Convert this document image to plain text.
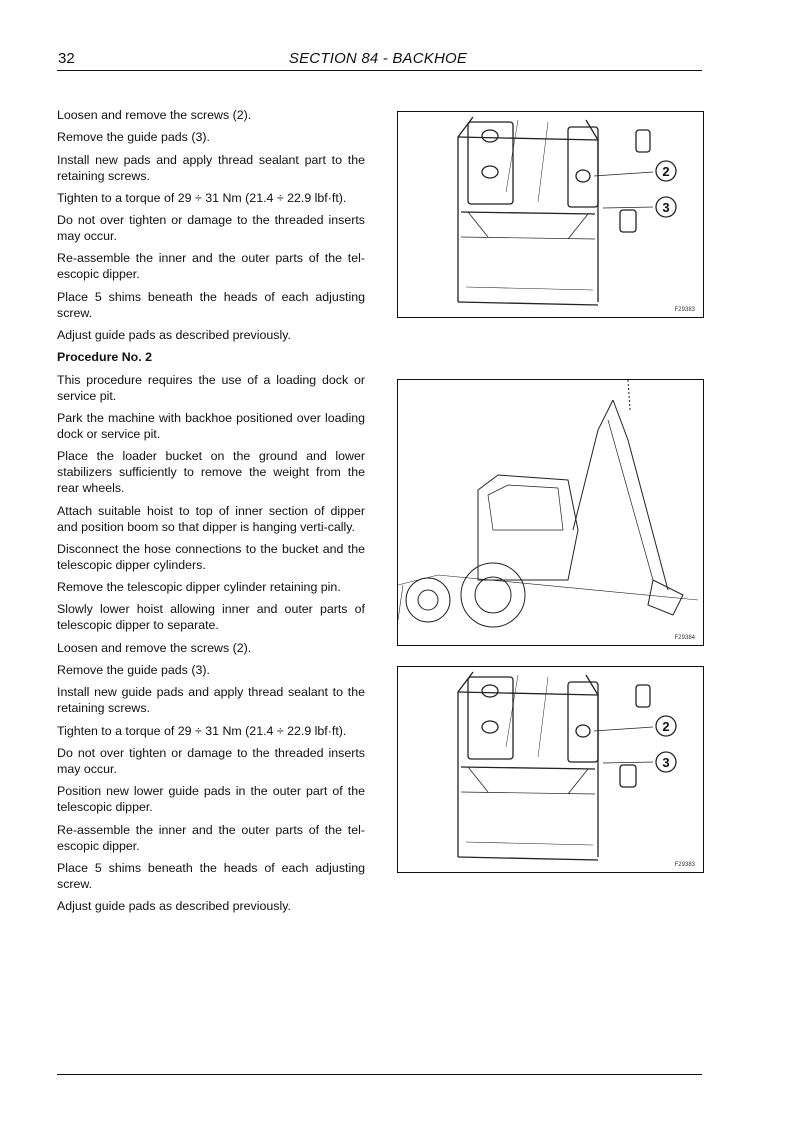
32	SECTION 84 - BACKHOE

Loosen and remove the screws (2).

Remove the guide pads (3).

Install new pads and apply thread sealant part to the retaining screws.

Tighten to a torque of 29 ÷ 31 Nm (21.4 ÷ 22.9 lbf·ft).

Do not over tighten or damage to the threaded inserts may occur.

Re-assemble the inner and the outer parts of the tel-escopic dipper.

Place 5 shims beneath the heads of each adjusting screw.

Adjust guide pads as described previously.

Procedure No. 2

This procedure requires the use of a loading dock or service pit.

Park the machine with backhoe positioned over loading dock or service pit.

Place the loader bucket on the ground and lower stabilizers sufficiently to remove the weight from the rear wheels.

Attach suitable hoist to top of inner section of dipper and position boom so that dipper is hanging verti-cally.

Disconnect the hose connections to the bucket and the telescopic dipper cylinders.

Remove the telescopic dipper cylinder retaining pin.

Slowly lower hoist allowing inner and outer parts of telescopic dipper to separate.

Loosen and remove the screws (2).

Remove the guide pads (3).

Install new guide pads and apply thread sealant to the retaining screws.

Tighten to a torque of 29 ÷ 31 Nm (21.4 ÷ 22.9 lbf·ft).

Do not over tighten or damage to the threaded inserts may occur.

Position new lower guide pads in the outer part of the telescopic dipper.

Re-assemble the inner and the outer parts of the tel-escopic dipper.

Place 5 shims beneath the heads of each adjusting screw.

Adjust guide pads as described previously.

2
3
F29383
F29384
2
3
F29383
